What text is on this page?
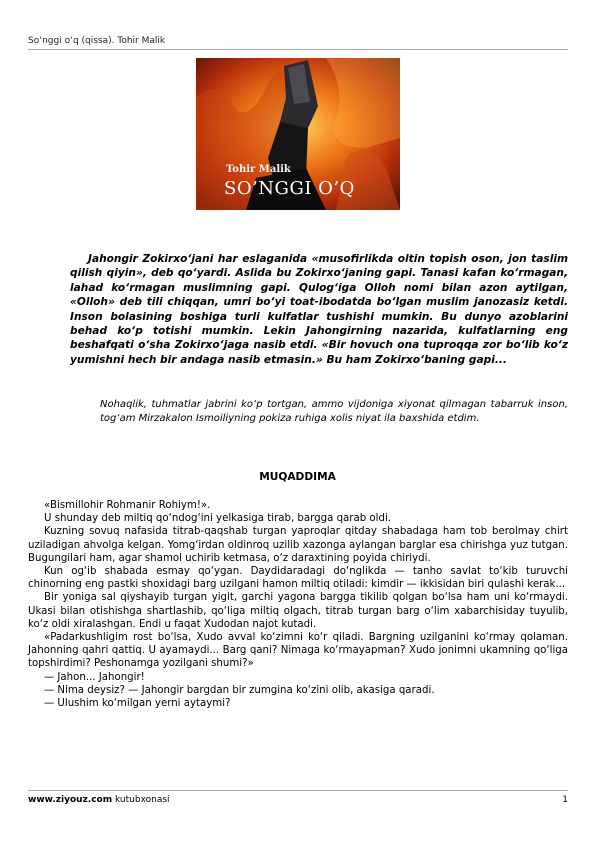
So‘nggi o‘q (qissa). Tohir Malik
Tohir Malik
SO’NGGI O’Q
Jahongir Zokirxo‘jani har eslaganida «musofirlikda oltin topish oson, jon taslim qilish qiyin», deb qo‘yardi. Aslida bu Zokirxo‘janing gapi. Tanasi kafan ko‘rmagan, lahad ko‘rmagan muslimning gapi. Qulog‘iga Olloh nomi bilan azon aytilgan, «Olloh» deb tili chiqqan, umri bo‘yi toat-ibodatda bo‘lgan muslim janozasiz ketdi. Inson bolasining boshiga turli kulfatlar tushishi mumkin. Bu dunyo azoblarini behad ko‘p totishi mumkin. Lekin Jahongirning nazarida, kulfatlarning eng beshafqati o‘sha Zokirxo‘jaga nasib etdi. «Bir hovuch ona tuproqqa zor bo‘lib ko‘z yumishni hech bir andaga nasib etmasin.» Bu ham Zokirxo‘baning gapi...
Nohaqlik, tuhmatlar jabrini ko‘p tortgan, ammo vijdoniga xiyonat qilmagan tabarruk inson, tog‘am Mirzakalon Ismoiliyning pokiza ruhiga xolis niyat ila baxshida etdim.
MUQADDIMA

«Bismillohir Rohmanir Rohiym!».

U shunday deb miltiq qo‘ndog‘ini yelkasiga tirab, bargga qarab oldi.

Kuzning sovuq nafasida titrab-qaqshab turgan yaproqlar qitday shabadaga ham tob berolmay chirt uziladigan ahvolga kelgan. Yomg‘irdan oldinroq uzilib xazonga aylangan barglar esa chirishga yuz tutgan. Bugungilari ham, agar shamol uchirib ketmasa, o‘z daraxtining poyida chiriydi.

Kun og‘ib shabada esmay qo‘ygan. Daydidaradagi do‘nglikda — tanho savlat to‘kib turuvchi chinorning eng pastki shoxidagi barg uzilgani hamon miltiq otiladi: kimdir — ikkisidan biri qulashi kerak...

Bir yoniga sal qiyshayib turgan yigit, garchi yagona bargga tikilib qolgan bo‘lsa ham uni ko‘rmaydi. Ukasi bilan otishishga shartlashib, qo‘liga miltiq olgach, titrab turgan barg o‘lim xabarchisiday tuyulib, ko‘z oldi xiralashgan. Endi u faqat Xudodan najot kutadi.

«Padarkushligim rost bo‘lsa, Xudo avval ko‘zimni ko‘r qiladi. Bargning uzilganini ko‘rmay qolaman. Jahonning qahri qattiq. U ayamaydi... Barg qani? Nimaga ko‘rmayapman? Xudo jonimni ukamning qo‘liga topshirdimi? Peshonamga yozilgani shumi?»

— Jahon... Jahongir!

— Nima deysiz? — Jahongir bargdan bir zumgina ko‘zini olib, akasiga qaradi.

— Ulushim ko‘milgan yerni aytaymi?

www.ziyouz.com kutubxonasi	1
